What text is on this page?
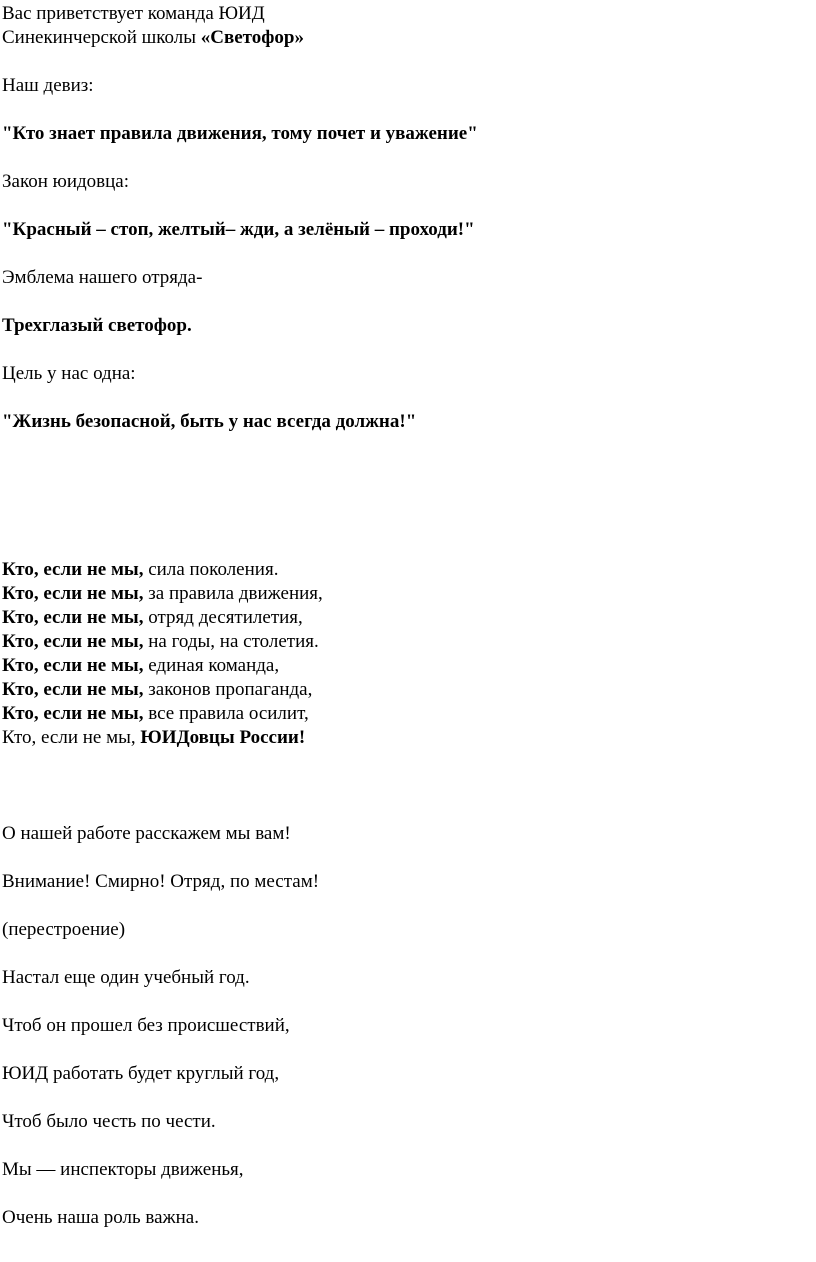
Вас приветствует команда ЮИД
Синекинчерской школы «Светофор»
Наш девиз:
"Кто знает правила движения, тому почет и уважение"
Закон юидовца:
"Красный – стоп, желтый– жди, а зелёный – проходи!"
Эмблема нашего отряда-
Трехглазый светофор.
Цель у нас одна:
"Жизнь безопасной, быть у нас всегда должна!"
Кто, если не мы, сила поколения.
Кто, если не мы, за правила движения,
Кто, если не мы, отряд десятилетия,
Кто, если не мы, на годы, на столетия.
Кто, если не мы, единая команда,
Кто, если не мы, законов пропаганда,
Кто, если не мы, все правила осилит,
Кто, если не мы, ЮИДовцы России!
О нашей работе расскажем мы вам!
Внимание! Смирно! Отряд, по местам!
(перестроение)
Настал еще один учебный год.
Чтоб он прошел без происшествий,
ЮИД работать будет круглый год,
Чтоб было честь по чести.
Мы — инспекторы движенья,
Очень наша роль важна.
